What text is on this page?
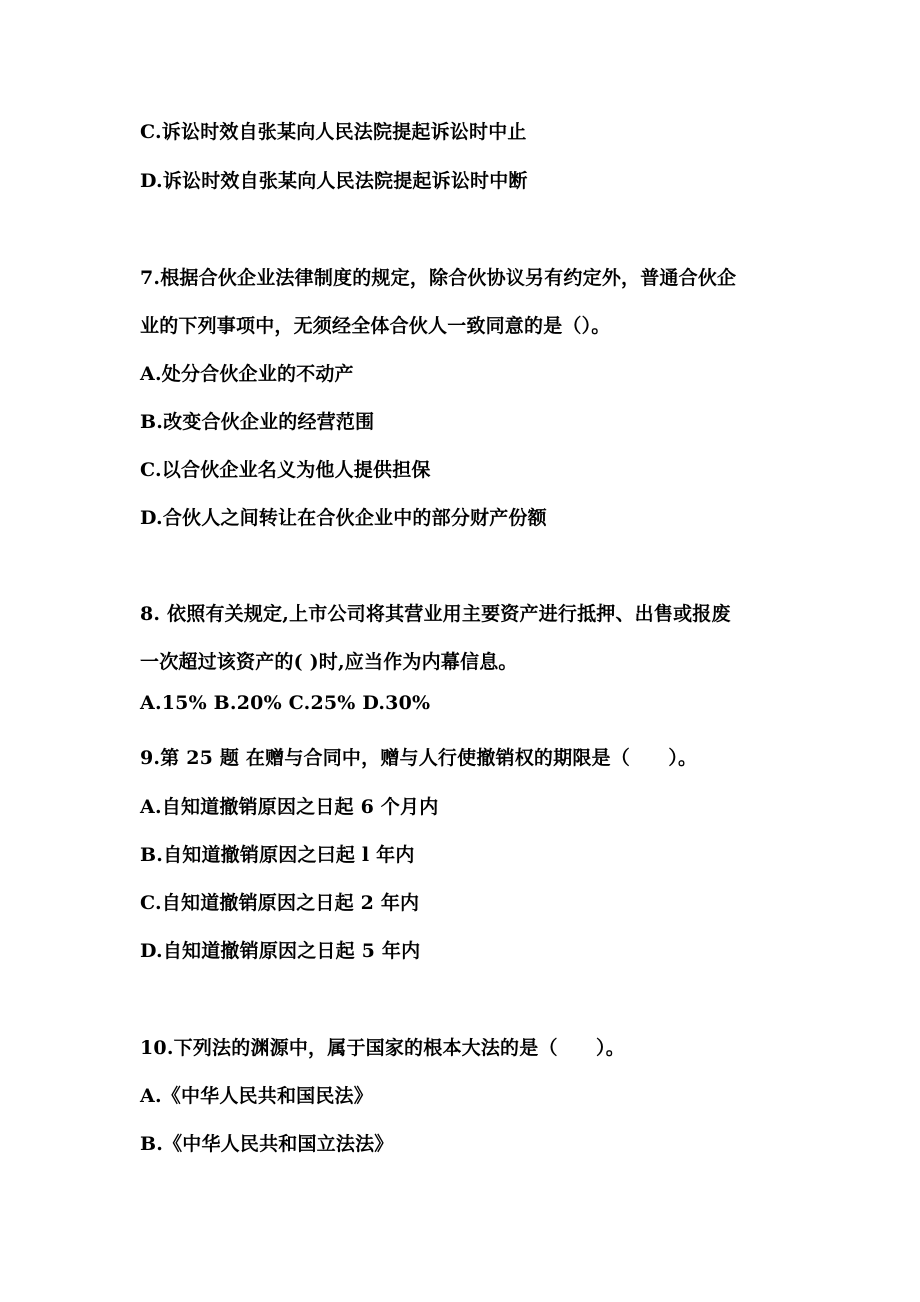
C.诉讼时效自张某向人民法院提起诉讼时中止
D.诉讼时效自张某向人民法院提起诉讼时中断
7.根据合伙企业法律制度的规定，除合伙协议另有约定外，普通合伙企
业的下列事项中，无须经全体合伙人一致同意的是（）。
A.处分合伙企业的不动产
B.改变合伙企业的经营范围
C.以合伙企业名义为他人提供担保
D.合伙人之间转让在合伙企业中的部分财产份额
8. 依照有关规定,上市公司将其营业用主要资产进行抵押、出售或报废
一次超过该资产的( )时,应当作为内幕信息。
A.15% B.20% C.25% D.30%
9.第 25 题 在赠与合同中，赠与人行使撤销权的期限是（　　）。
A.自知道撤销原因之日起 6 个月内
B.自知道撤销原因之曰起 l 年内
C.自知道撤销原因之日起 2 年内
D.自知道撤销原因之日起 5 年内
10.下列法的渊源中，属于国家的根本大法的是（　　）。
A.《中华人民共和国民法》
B.《中华人民共和国立法法》
